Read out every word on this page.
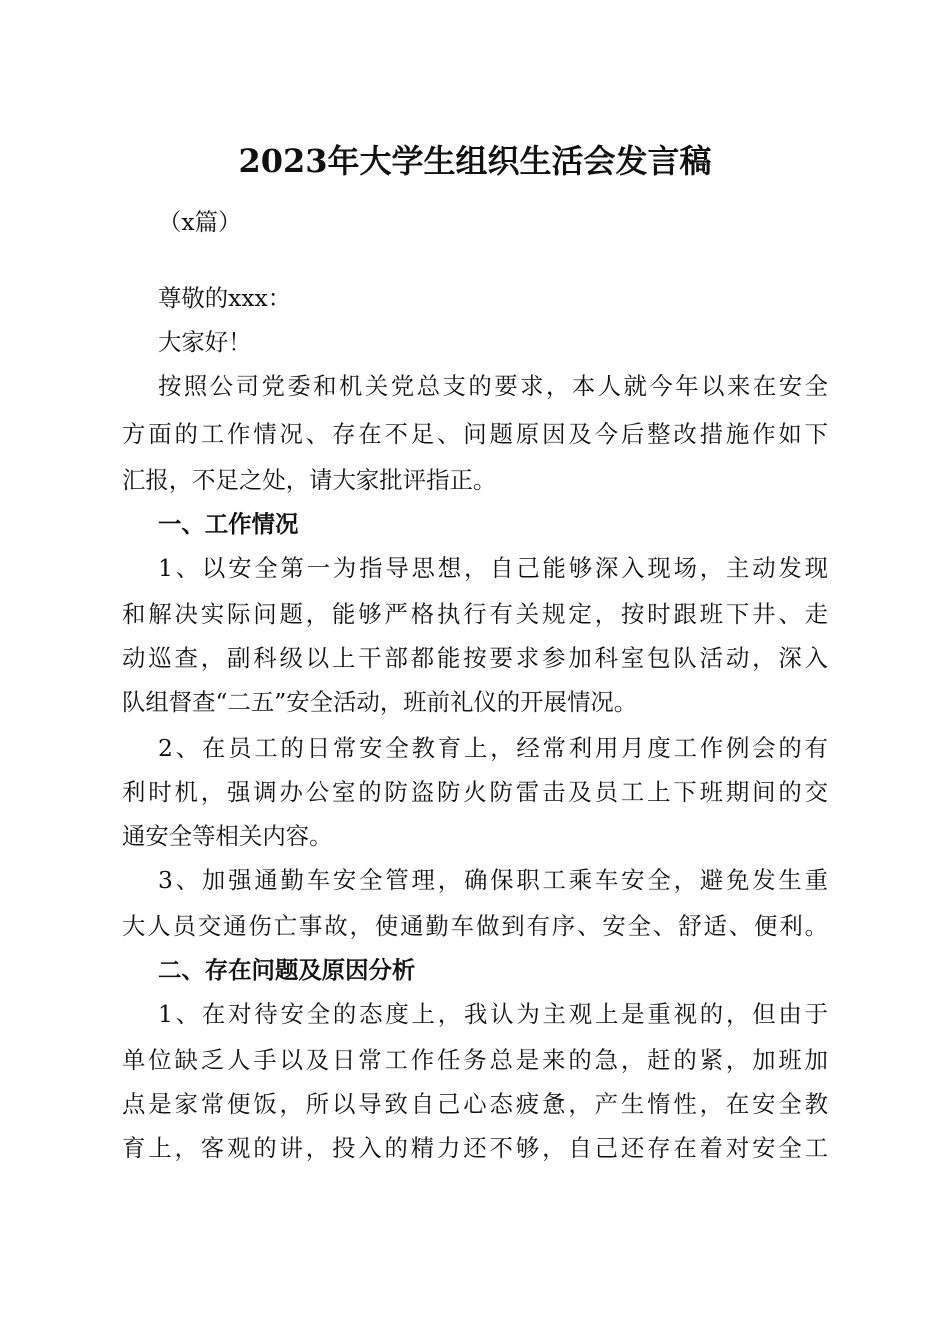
2023年大学生组织生活会发言稿
（x篇）
尊敬的xxx：
大家好！
按照公司党委和机关党总支的要求，本人就今年以来在安全
方面的工作情况、存在不足、问题原因及今后整改措施作如下
汇报，不足之处，请大家批评指正。
一、工作情况
1、以安全第一为指导思想，自己能够深入现场，主动发现
和解决实际问题，能够严格执行有关规定，按时跟班下井、走
动巡查，副科级以上干部都能按要求参加科室包队活动，深入
队组督查“二五”安全活动，班前礼仪的开展情况。
2、在员工的日常安全教育上，经常利用月度工作例会的有
利时机，强调办公室的防盗防火防雷击及员工上下班期间的交
通安全等相关内容。
3、加强通勤车安全管理，确保职工乘车安全，避免发生重
大人员交通伤亡事故，使通勤车做到有序、安全、舒适、便利。
二、存在问题及原因分析
1、在对待安全的态度上，我认为主观上是重视的，但由于
单位缺乏人手以及日常工作任务总是来的急，赶的紧，加班加
点是家常便饭，所以导致自己心态疲惫，产生惰性，在安全教
育上，客观的讲，投入的精力还不够，自己还存在着对安全工
